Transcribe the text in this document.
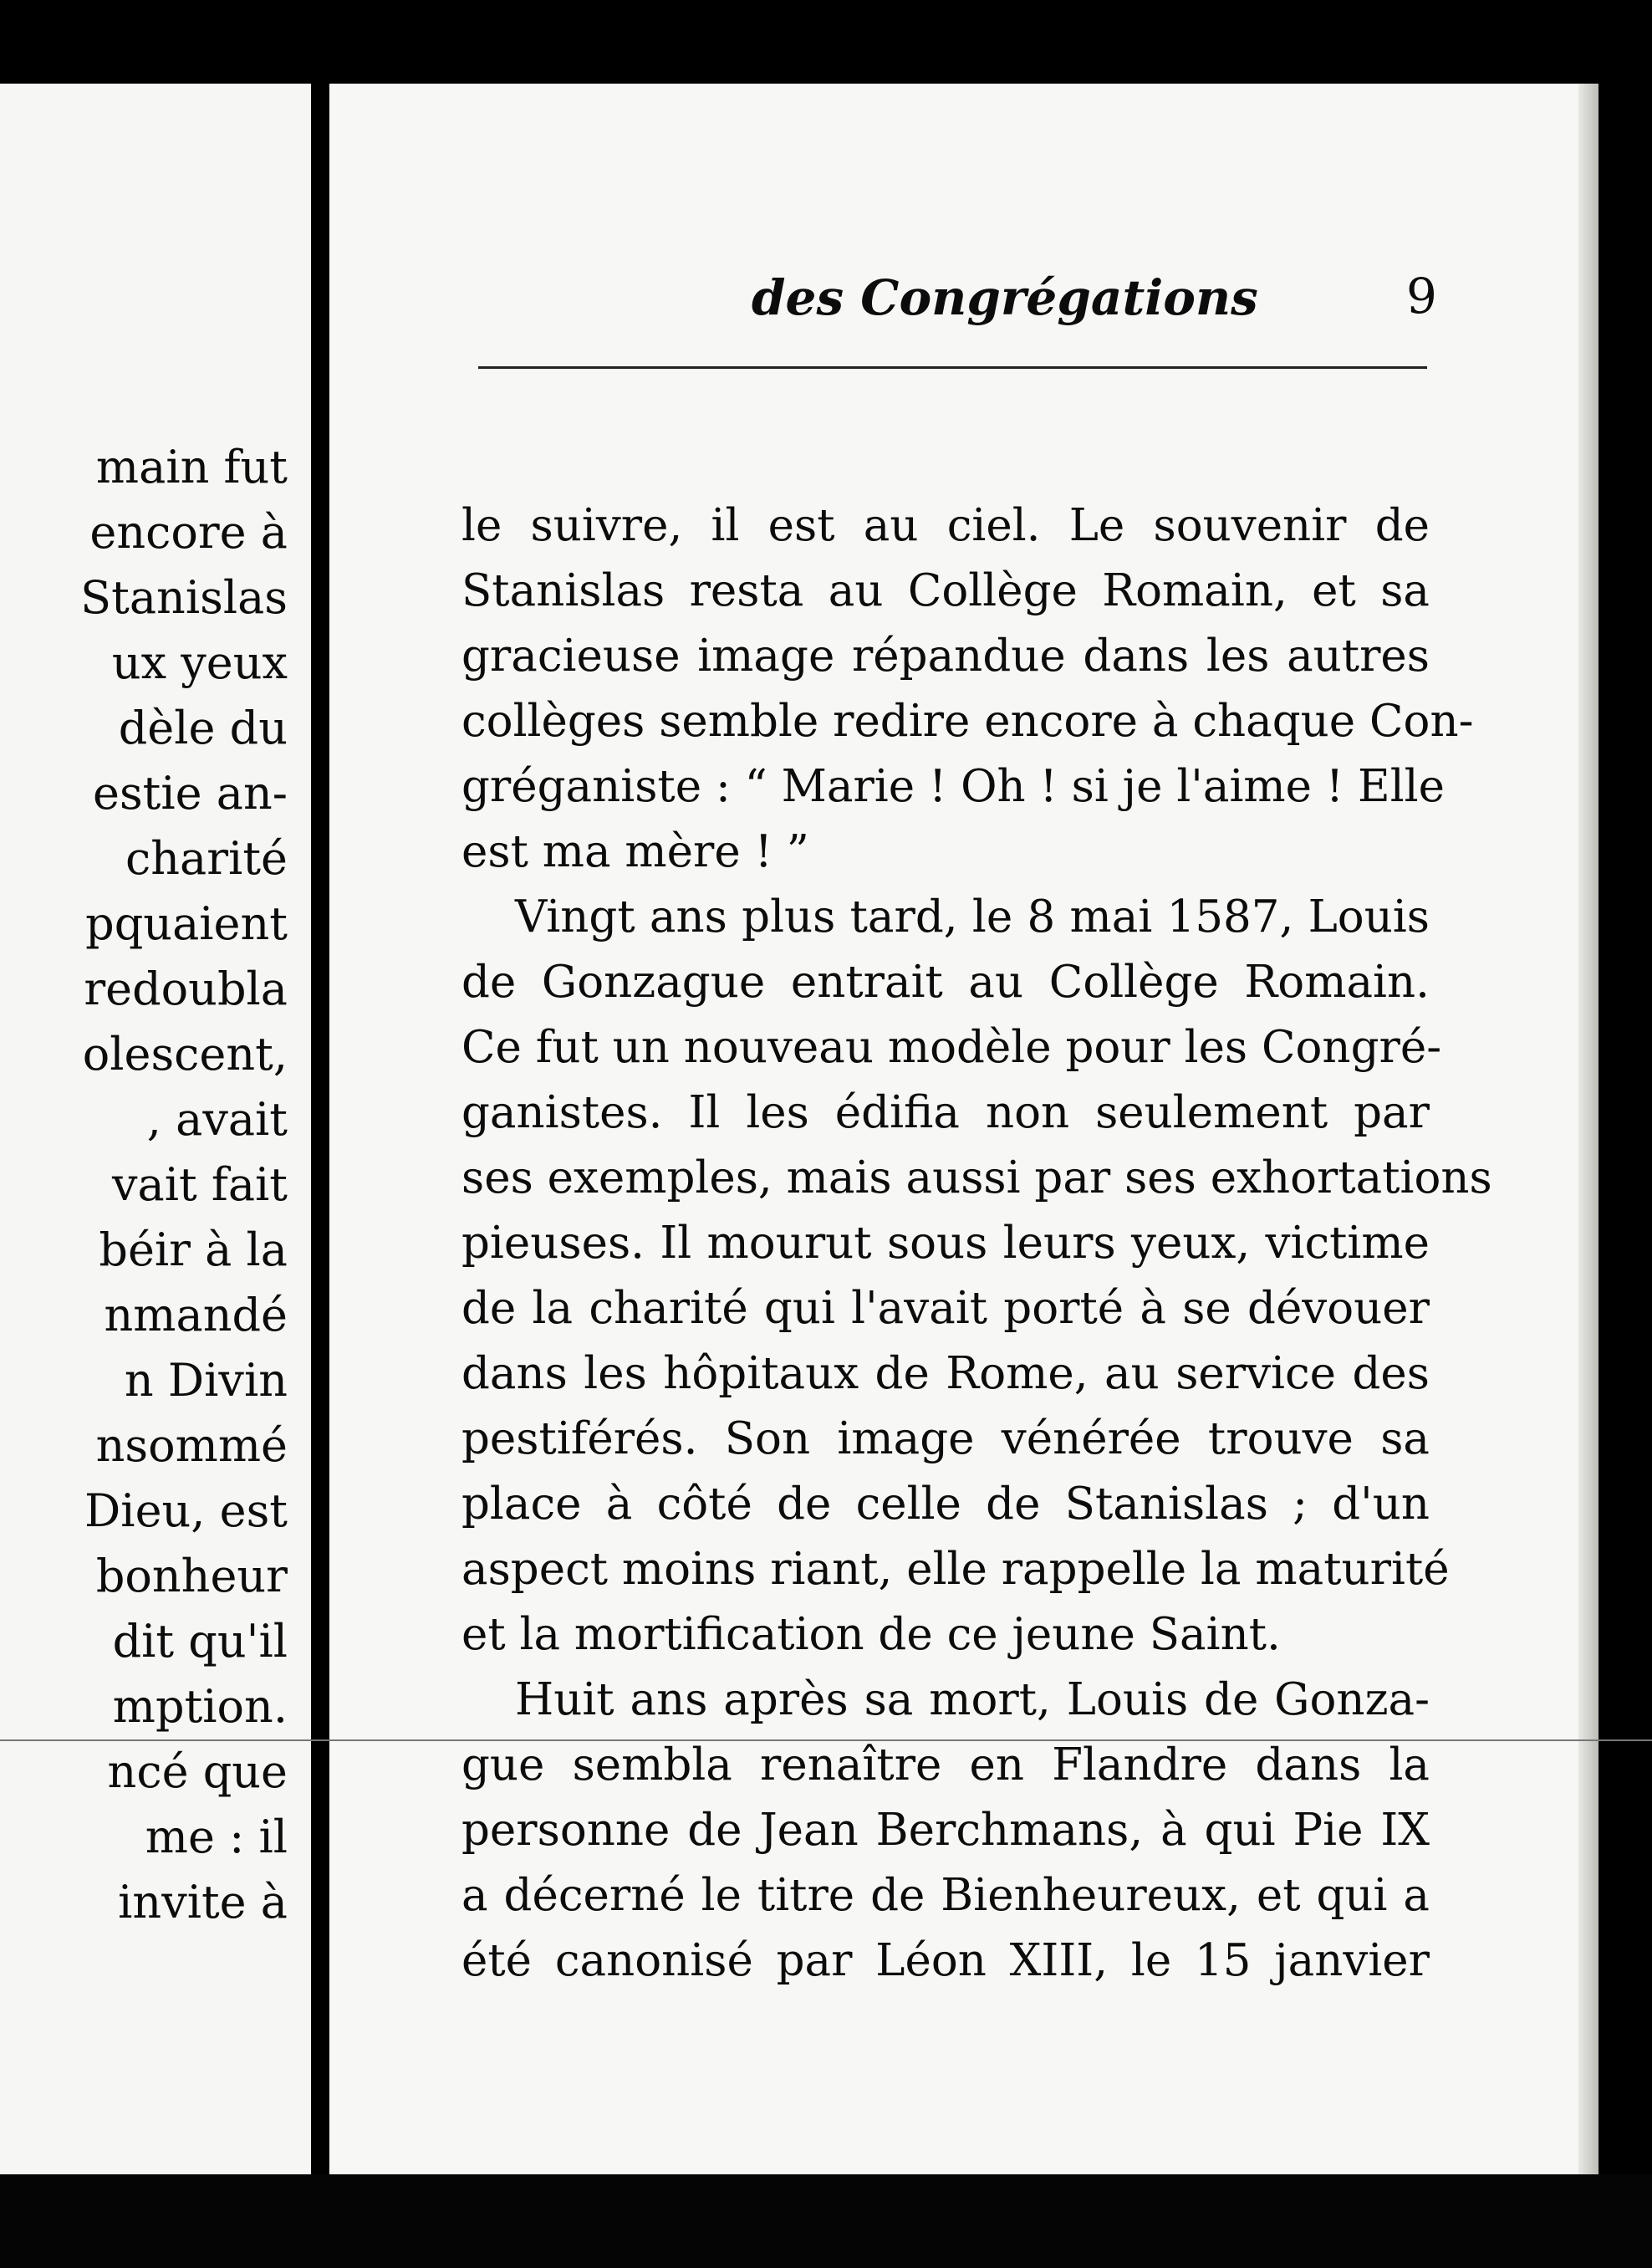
main fut
encore à
Stanislas
ux yeux
dèle du
estie an-
charité
pquaient
redoubla
olescent,
, avait
vait fait
béir à la
nmandé
n Divin
nsommé
Dieu, est
bonheur
dit qu'il
mption.
ncé que
me : il
invite à
des Congrégations	9

le suivre, il est au ciel. Le souvenir de
Stanislas resta au Collège Romain, et sa
gracieuse image répandue dans les autres
collèges semble redire encore à chaque Con-
gréganiste : “ Marie ! Oh ! si je l'aime ! Elle
est ma mère ! ”

Vingt ans plus tard, le 8 mai 1587, Louis
de Gonzague entrait au Collège Romain.
Ce fut un nouveau modèle pour les Congré-
ganistes. Il les édifia non seulement par
ses exemples, mais aussi par ses exhortations
pieuses. Il mourut sous leurs yeux, victime
de la charité qui l'avait porté à se dévouer
dans les hôpitaux de Rome, au service des
pestiférés. Son image vénérée trouve sa
place à côté de celle de Stanislas ; d'un
aspect moins riant, elle rappelle la maturité
et la mortification de ce jeune Saint.

Huit ans après sa mort, Louis de Gonza-
gue sembla renaître en Flandre dans la
personne de Jean Berchmans, à qui Pie IX
a décerné le titre de Bienheureux, et qui a
été canonisé par Léon XIII, le 15 janvier
